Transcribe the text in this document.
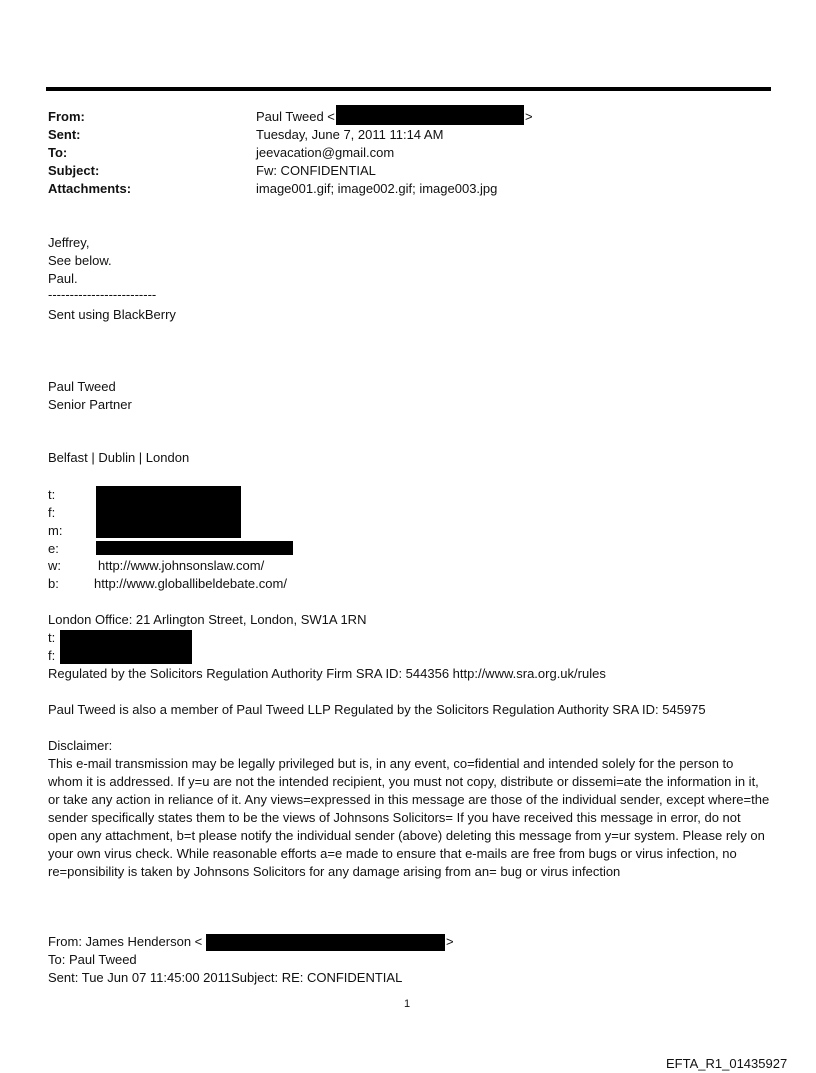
From:	Paul Tweed <	>
Sent:	Tuesday, June 7, 2011 11:14 AM
To:	jeevacation@gmail.com
Subject:	Fw: CONFIDENTIAL
Attachments:	image001.gif; image002.gif; image003.jpg
Jeffrey,
See below.
Paul.
-------------------------
Sent using BlackBerry
Paul Tweed
Senior Partner
Belfast | Dublin | London
t:
f:
m:
e:
w:	http://www.johnsonslaw.com/
b:	http://www.globallibeldebate.com/
London Office: 21 Arlington Street, London, SW1A 1RN
t:
f:
Regulated by the Solicitors Regulation Authority Firm SRA ID: 544356 http://www.sra.org.uk/rules
Paul Tweed is also a member of Paul Tweed LLP Regulated by the Solicitors Regulation Authority SRA ID: 545975
Disclaimer:
This e-mail transmission may be legally privileged but is, in any event, co=fidential and intended solely for the person to whom it is addressed. If y=u are not the intended recipient, you must not copy, distribute or dissemi=ate the information in it, or take any action in reliance of it. Any views=expressed in this message are those of the individual sender, except where=the sender specifically states them to be the views of Johnsons Solicitors= If you have received this message in error, do not open any attachment, b=t please notify the individual sender (above) deleting this message from y=ur system. Please rely on your own virus check. While reasonable efforts a=e made to ensure that e-mails are free from bugs or virus infection, no re=ponsibility is taken by Johnsons Solicitors for any damage arising from an= bug or virus infection
From: James Henderson <	>
To: Paul Tweed
Sent: Tue Jun 07 11:45:00 2011Subject: RE: CONFIDENTIAL
1
EFTA_R1_01435927
